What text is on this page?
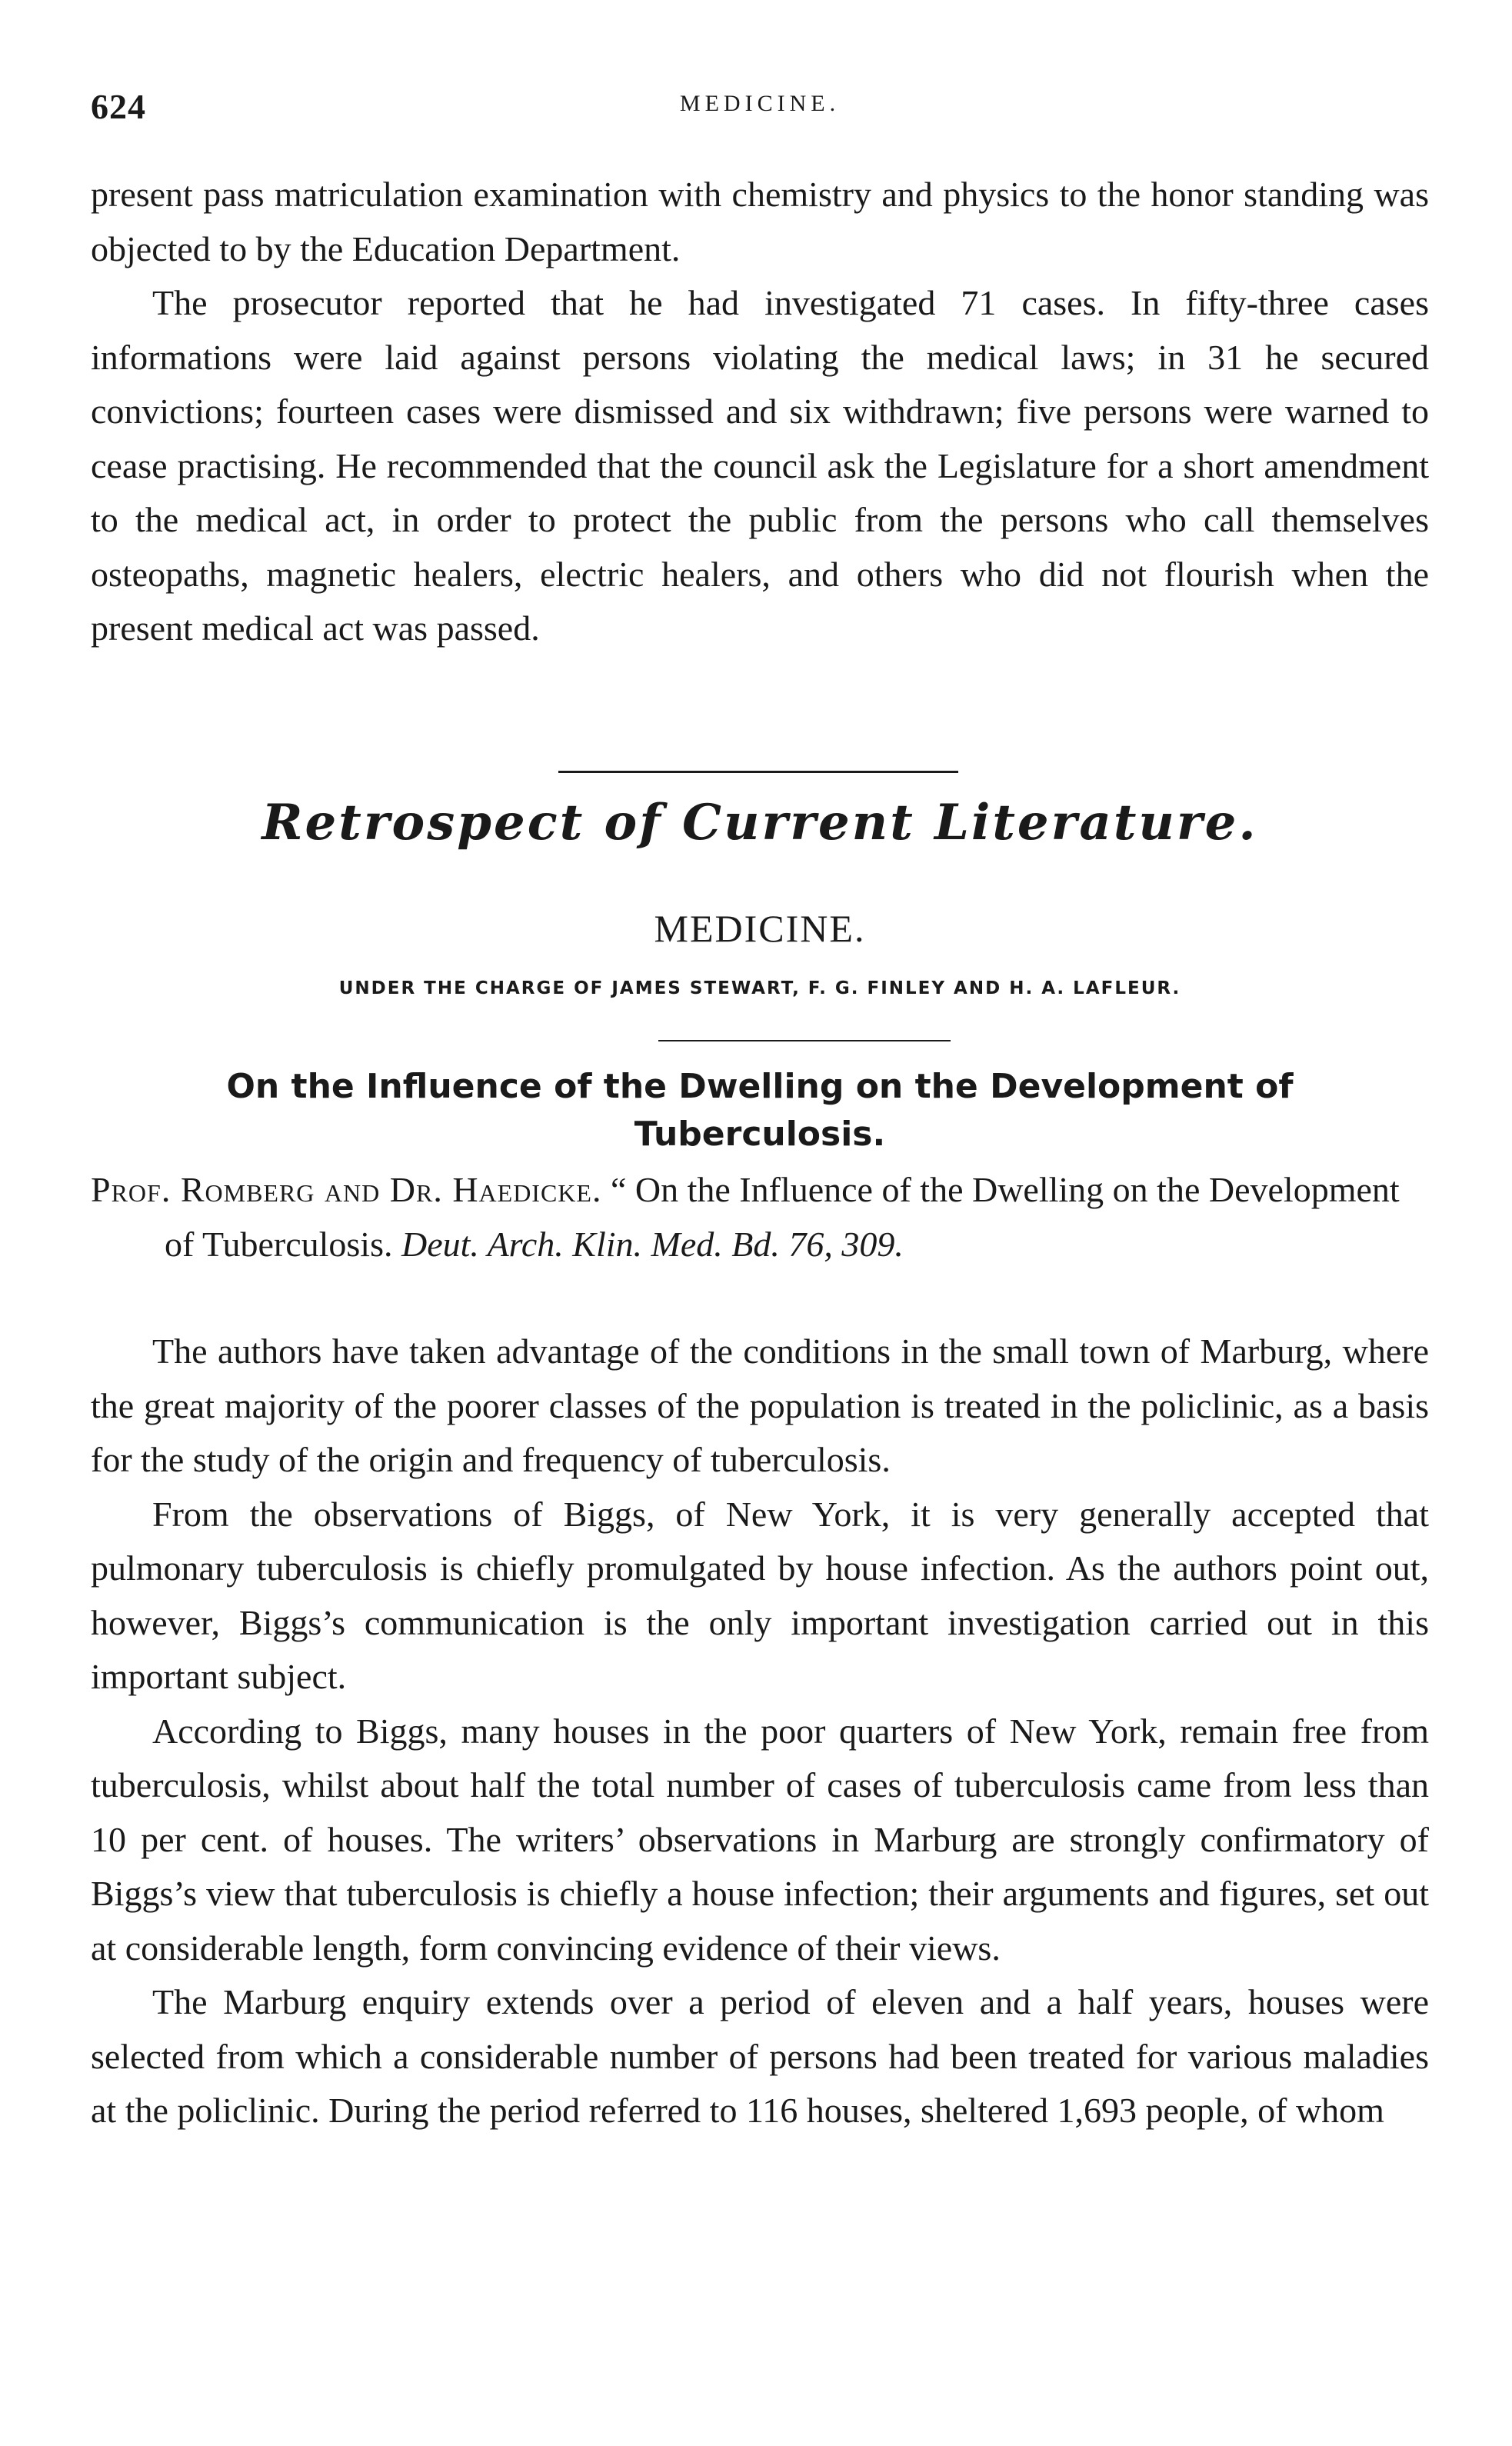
624	MEDICINE.

present pass matriculation examination with chemistry and physics to the honor standing was objected to by the Education Department.

The prosecutor reported that he had investigated 71 cases. In fifty-three cases informations were laid against persons violating the medical laws; in 31 he secured convictions; fourteen cases were dismissed and six withdrawn; five persons were warned to cease practising. He recommended that the council ask the Legislature for a short amendment to the medical act, in order to protect the public from the persons who call themselves osteopaths, magnetic healers, electric healers, and others who did not flourish when the present medical act was passed.

Retrospect of Current Literature.
MEDICINE.
UNDER THE CHARGE OF JAMES STEWART, F. G. FINLEY AND H. A. LAFLEUR.
On the Influence of the Dwelling on the Development of Tuberculosis.

Prof. Romberg and Dr. Haedicke. “ On the Influence of the Dwelling on the Development of Tuberculosis. Deut. Arch. Klin. Med. Bd. 76, 309.

The authors have taken advantage of the conditions in the small town of Marburg, where the great majority of the poorer classes of the population is treated in the policlinic, as a basis for the study of the origin and frequency of tuberculosis.

From the observations of Biggs, of New York, it is very generally accepted that pulmonary tuberculosis is chiefly promulgated by house infection. As the authors point out, however, Biggs’s communication is the only important investigation carried out in this important subject.

According to Biggs, many houses in the poor quarters of New York, remain free from tuberculosis, whilst about half the total number of cases of tuberculosis came from less than 10 per cent. of houses. The writers’ observations in Marburg are strongly confirmatory of Biggs’s view that tuberculosis is chiefly a house infection; their arguments and figures, set out at considerable length, form convincing evidence of their views.

The Marburg enquiry extends over a period of eleven and a half years, houses were selected from which a considerable number of persons had been treated for various maladies at the policlinic. During the period referred to 116 houses, sheltered 1,693 people, of whom
